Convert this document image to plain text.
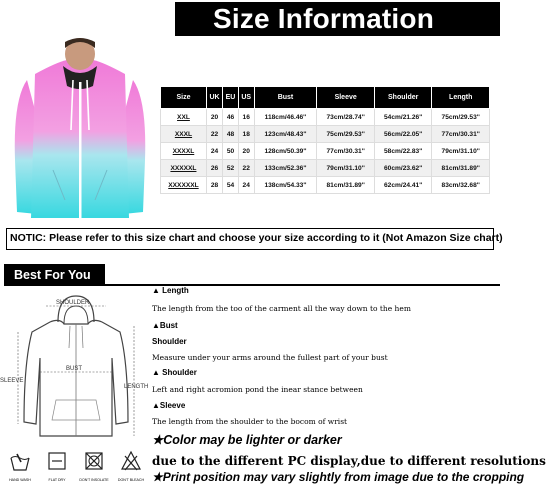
Size Information
Size	UK	EU	US	Bust	Sleeve	Shoulder	Length
XXL	20	46	16	118cm/46.46''	73cm/28.74''	54cm/21.26''	75cm/29.53''
XXXL	22	48	18	123cm/48.43''	75cm/29.53''	56cm/22.05''	77cm/30.31''
XXXXL	24	50	20	128cm/50.39''	77cm/30.31''	58cm/22.83''	79cm/31.10''
XXXXXL	26	52	22	133cm/52.36''	79cm/31.10''	60cm/23.62''	81cm/31.89''
XXXXXXL	28	54	24	138cm/54.33''	81cm/31.89''	62cm/24.41''	83cm/32.68''
NOTIC: Please refer to this size chart and choose your size according to it (Not Amazon Size chart)
Best For You
SHOULDER
BUST
SLEEVE
LENGTH
HAND WASH	FLAT DRY	DON'T INSOLATE	DON'T BLEACH
▲ Length
The length from the too of the carment all the way down to the hem
▲Bust
Shoulder
Measure under your arms around the fullest part of your bust
▲ Shoulder
Left and right acromion pond the inear stance between
▲Sleeve
The length from the shoulder to the bocom of wrist
★Color may be lighter or darker
due to the different PC display,due to different resolutions
★Print position may vary slightly from image due to the cropping
